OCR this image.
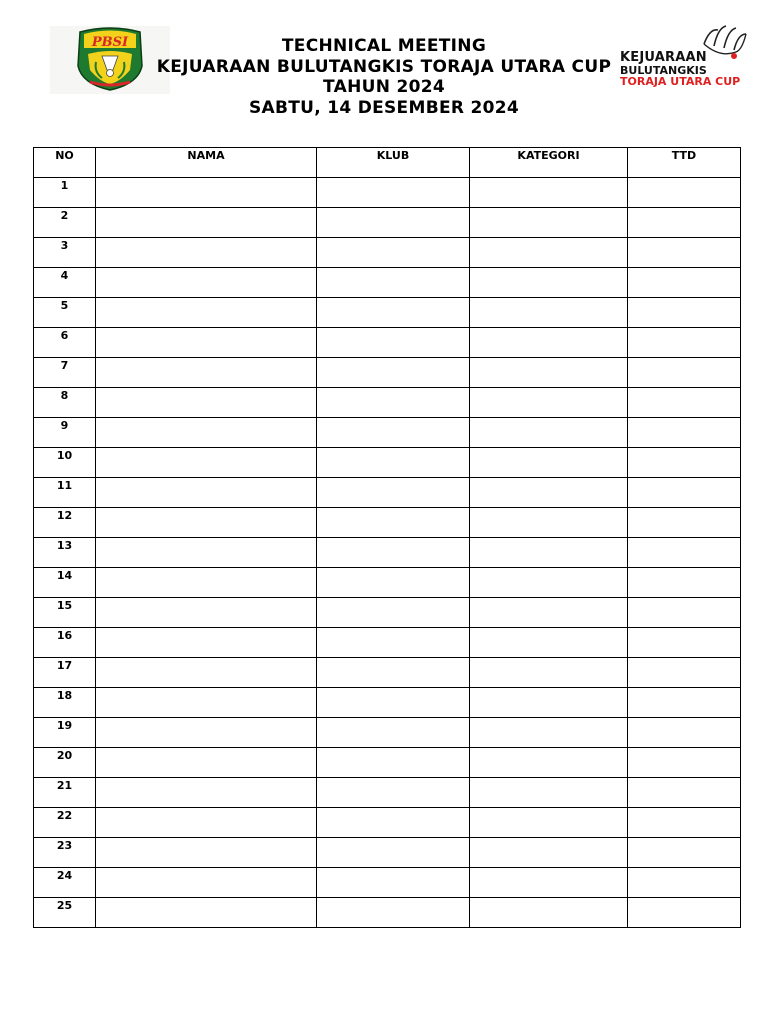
PBSI	TECHNICAL MEETING
KEJUARAAN BULUTANGKIS TORAJA UTARA CUP
TAHUN 2024
SABTU, 14 DESEMBER 2024
KEJUARAAN
BULUTANGKIS
TORAJA UTARA CUP
NO	NAMA	KLUB	KATEGORI	TTD
1				
2				
3				
4				
5				
6				
7				
8				
9				
10				
11				
12				
13				
14				
15				
16				
17				
18				
19				
20				
21				
22				
23				
24				
25				
